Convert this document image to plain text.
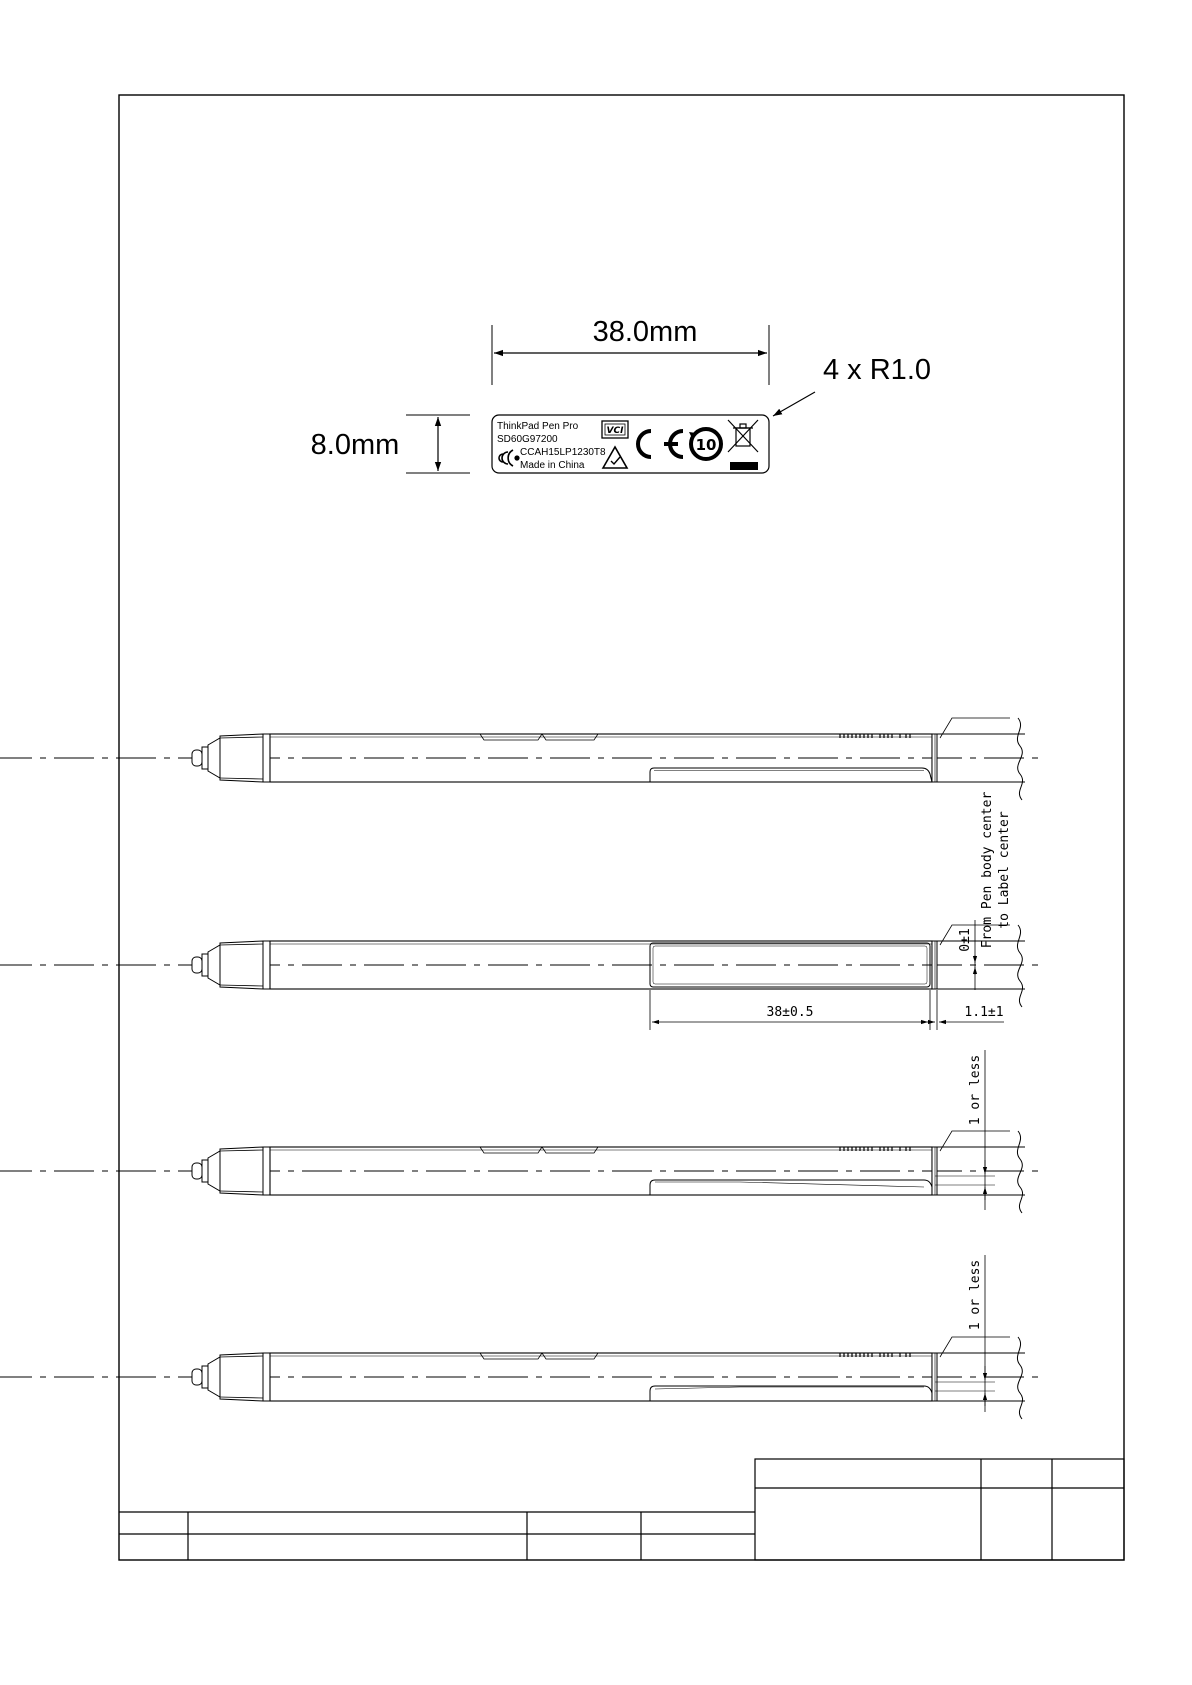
38.0mm
8.0mm
4 x R1.0
ThinkPad Pen Pro
SD60G97200
CCAH15LP1230T8
Made in China
VCI
10
38±0.5	1.1±1
0±1 From Pen body center to Label center
1 or less
1 or less
